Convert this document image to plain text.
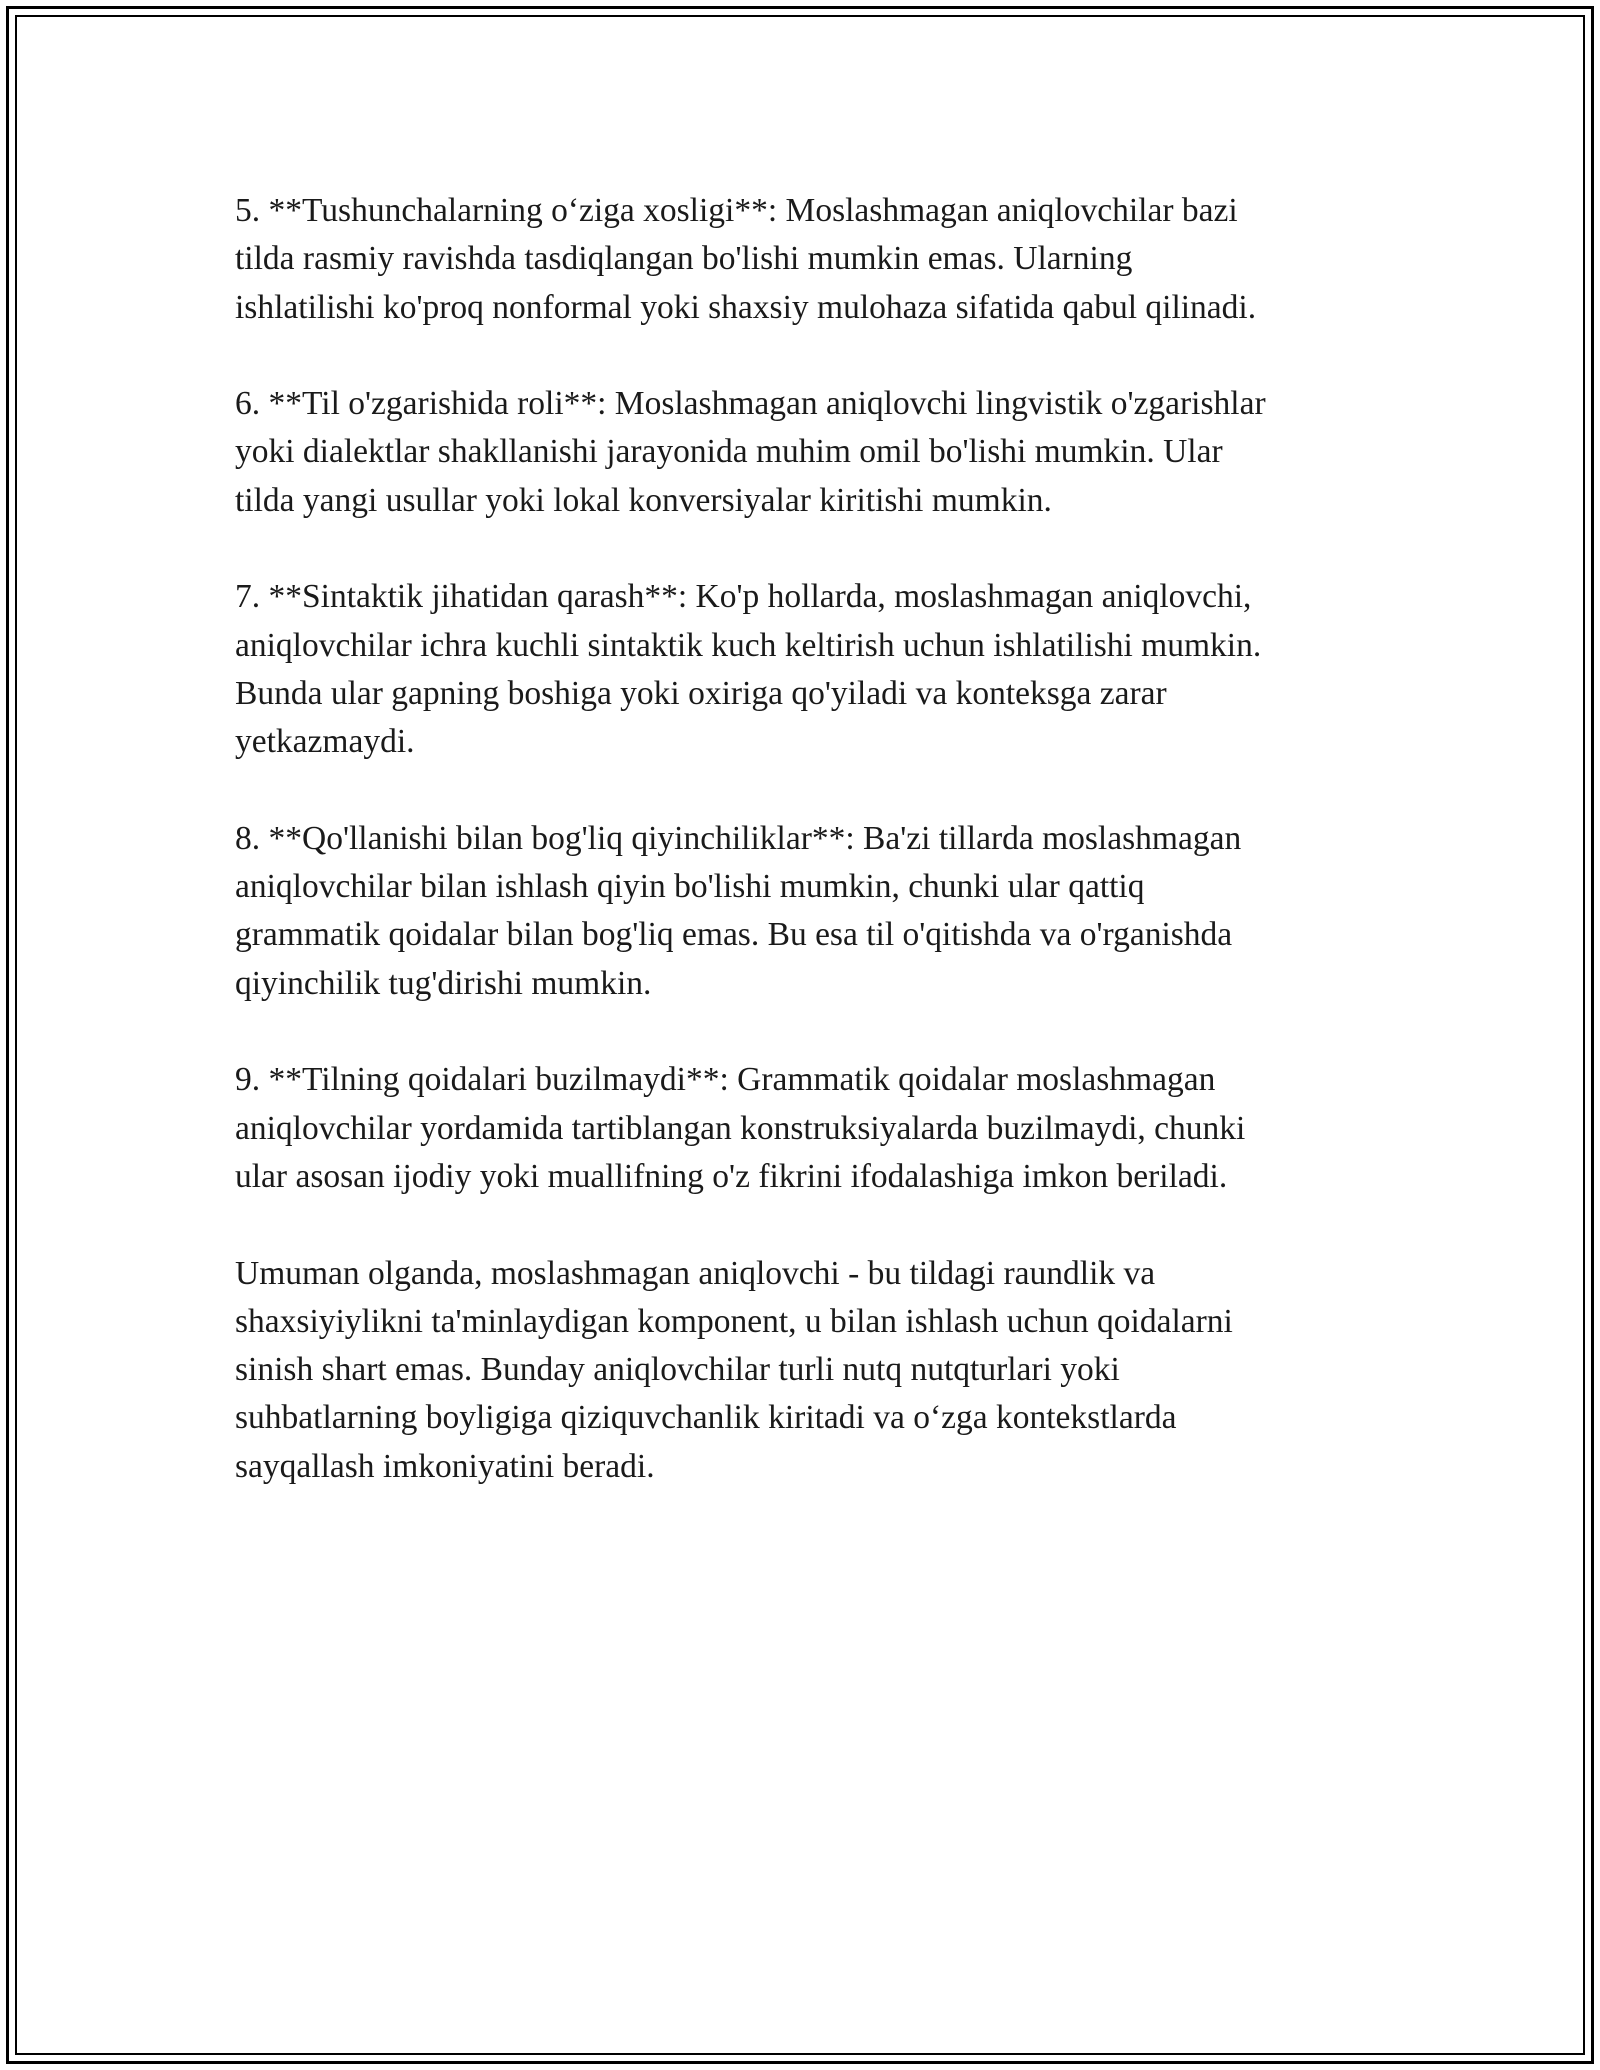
5. **Tushunchalarning o‘ziga xosligi**: Moslashmagan aniqlovchilar bazi
tilda rasmiy ravishda tasdiqlangan bo'lishi mumkin emas. Ularning
ishlatilishi ko'proq nonformal yoki shaxsiy mulohaza sifatida qabul qilinadi.

6. **Til o'zgarishida roli**: Moslashmagan aniqlovchi lingvistik o'zgarishlar
yoki dialektlar shakllanishi jarayonida muhim omil bo'lishi mumkin. Ular
tilda yangi usullar yoki lokal konversiyalar kiritishi mumkin.

7. **Sintaktik jihatidan qarash**: Ko'p hollarda, moslashmagan aniqlovchi,
aniqlovchilar ichra kuchli sintaktik kuch keltirish uchun ishlatilishi mumkin.
Bunda ular gapning boshiga yoki oxiriga qo'yiladi va konteksga zarar
yetkazmaydi.

8. **Qo'llanishi bilan bog'liq qiyinchiliklar**: Ba'zi tillarda moslashmagan
aniqlovchilar bilan ishlash qiyin bo'lishi mumkin, chunki ular qattiq
grammatik qoidalar bilan bog'liq emas. Bu esa til o'qitishda va o'rganishda
qiyinchilik tug'dirishi mumkin.

9. **Tilning qoidalari buzilmaydi**: Grammatik qoidalar moslashmagan
aniqlovchilar yordamida tartiblangan konstruksiyalarda buzilmaydi, chunki
ular asosan ijodiy yoki muallifning o'z fikrini ifodalashiga imkon beriladi.

Umuman olganda, moslashmagan aniqlovchi - bu tildagi raundlik va
shaxsiyiylikni ta'minlaydigan komponent, u bilan ishlash uchun qoidalarni
sinish shart emas. Bunday aniqlovchilar turli nutq nutqturlari yoki
suhbatlarning boyligiga qiziquvchanlik kiritadi va o‘zga kontekstlarda
sayqallash imkoniyatini beradi.
